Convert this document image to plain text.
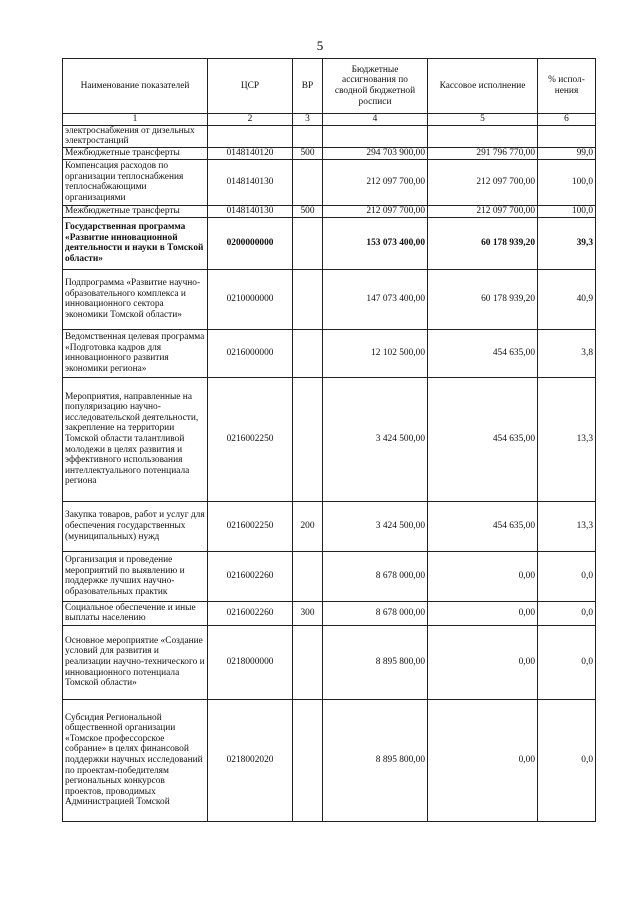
5
Наименование показателей	ЦСР	ВР	Бюджетные ассигнования по сводной бюджетной росписи	Кассовое исполнение	% испол-нения
1	2	3	4	5	6
электроснабжения от дизельных электростанций					
Межбюджетные трансферты	0148140120	500	294 703 900,00	291 796 770,00	99,0
Компенсация расходов по организации теплоснабжения теплоснабжающими организациями	0148140130		212 097 700,00	212 097 700,00	100,0
Межбюджетные трансферты	0148140130	500	212 097 700,00	212 097 700,00	100,0
Государственная программа «Развитие инновационной деятельности и науки в Томской области»	0200000000		153 073 400,00	60 178 939,20	39,3
Подпрограмма «Развитие научно-образовательного комплекса и инновационного сектора экономики Томской области»	0210000000		147 073 400,00	60 178 939,20	40,9
Ведомственная целевая программа «Подготовка кадров для инновационного развития экономики региона»	0216000000		12 102 500,00	454 635,00	3,8
Мероприятия, направленные на популяризацию научно-исследовательской деятельности, закрепление на территории Томской области талантливой молодежи в целях развития и эффективного использования интеллектуального потенциала региона	0216002250		3 424 500,00	454 635,00	13,3
Закупка товаров, работ и услуг для обеспечения государственных (муниципальных) нужд	0216002250	200	3 424 500,00	454 635,00	13,3
Организация и проведение мероприятий по выявлению и поддержке лучших научно-образовательных практик	0216002260		8 678 000,00	0,00	0,0
Социальное обеспечение и иные выплаты населению	0216002260	300	8 678 000,00	0,00	0,0
Основное мероприятие «Создание условий для развития и реализации научно-технического и инновационного потенциала Томской области»	0218000000		8 895 800,00	0,00	0,0
Субсидия Региональной общественной организации «Томское профессорское собрание» в целях финансовой поддержки научных исследований по проектам-победителям региональных конкурсов проектов, проводимых Администрацией Томской	0218002020		8 895 800,00	0,00	0,0
